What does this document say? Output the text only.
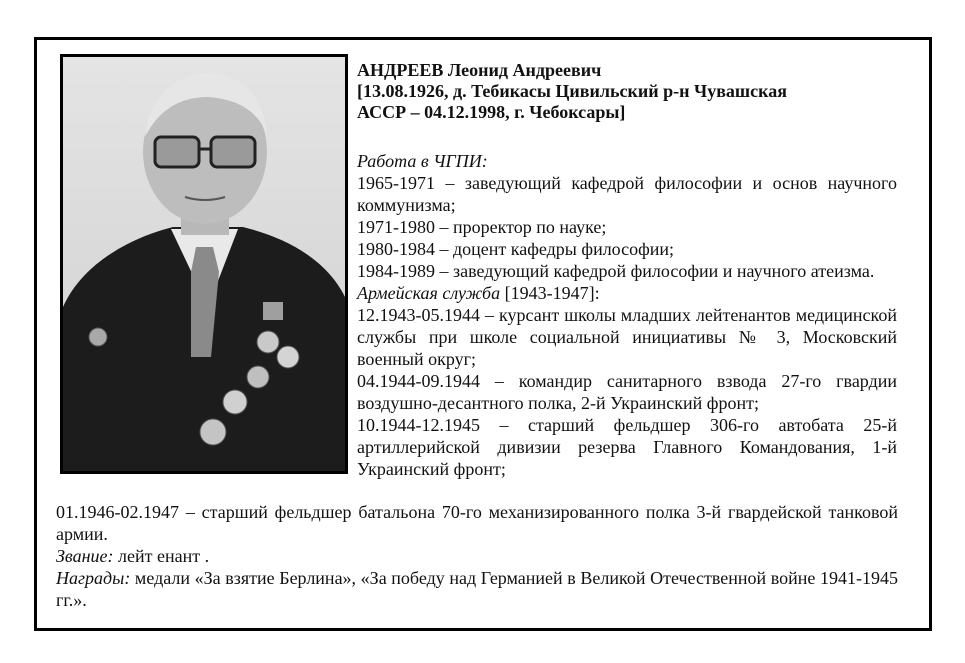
АНДРЕЕВ Леонид Андреевич
[13.08.1926, д. Тебикасы Цивильский р-н Чувашская
АССР – 04.12.1998, г. Чебоксары]
Работа в ЧГПИ:
1965-1971 – заведующий кафедрой философии и основ научного коммунизма;
1971-1980 – проректор по науке;
1980-1984 – доцент кафедры философии;
1984-1989 – заведующий кафедрой философии и научного атеизма.
Армейская служба [1943-1947]:
12.1943-05.1944 – курсант школы младших лейтенантов медицинской службы при школе социальной инициативы № 3, Московский военный округ;
04.1944-09.1944 – командир санитарного взвода 27-го гвардии воздушно-десантного полка, 2-й Украинский фронт;
10.1944-12.1945 – старший фельдшер 306-го автобата 25-й артиллерийской дивизии резерва Главного Командования, 1-й Украинский фронт;
01.1946-02.1947 – старший фельдшер батальона 70-го механизированного полка 3-й гвардейской танковой армии.
Звание: лейт енант .
Награды: медали «За взятие Берлина», «За победу над Германией в Великой Отечественной войне 1941-1945 гг.».
